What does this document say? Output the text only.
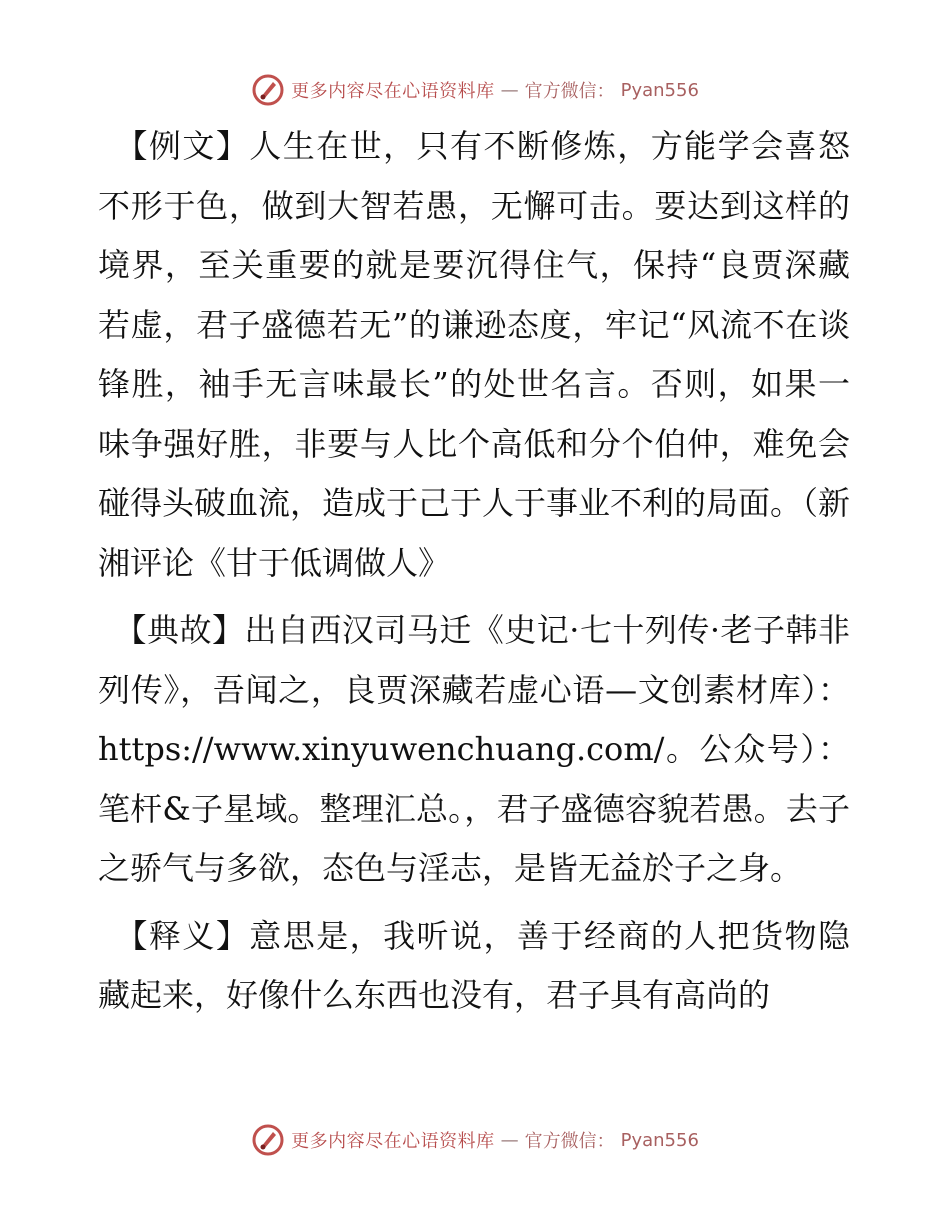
更多内容尽在心语资料库 — 官方微信： Pyan556

【例文】人生在世，只有不断修炼，方能学会喜怒不形于色，做到大智若愚，无懈可击。要达到这样的境界，至关重要的就是要沉得住气，保持“良贾深藏若虚，君子盛德若无”的谦逊态度，牢记“风流不在谈锋胜，袖手无言味最长”的处世名言。否则，如果一味争强好胜，非要与人比个高低和分个伯仲，难免会碰得头破血流，造成于己于人于事业不利的局面。（新湘评论《甘于低调做人》

【典故】出自西汉司马迁《史记·七十列传·老子韩非列传》，吾闻之，良贾深藏若虚心语—文创素材库）：https://www.xinyuwenchuang.com/。公众号）：笔杆&子星域。整理汇总。，君子盛德容貌若愚。去子之骄气与多欲，态色与淫志，是皆无益於子之身。

【释义】意思是，我听说，善于经商的人把货物隐藏起来，好像什么东西也没有，君子具有高尚的

更多内容尽在心语资料库 — 官方微信： Pyan556
